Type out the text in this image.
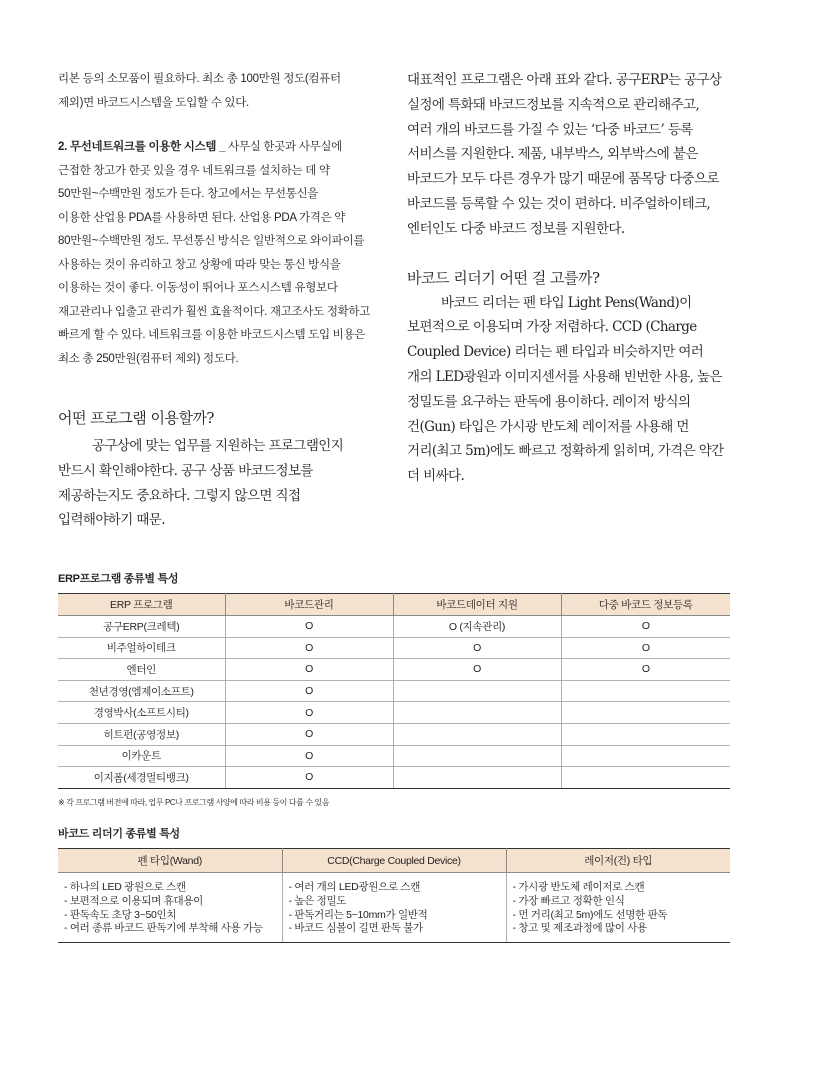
리본 등의 소모품이 필요하다. 최소 총 100만원 정도(컴퓨터
제외)면 바코드시스템을 도입할 수 있다.
2. 무선네트워크를 이용한 시스템 _ 사무실 한곳과 사무실에
근접한 창고가 한곳 있을 경우 네트워크를 설치하는 데 약
50만원~수백만원 정도가 든다. 창고에서는 무선통신을
이용한 산업용 PDA를 사용하면 된다. 산업용 PDA 가격은 약
80만원~수백만원 정도. 무선통신 방식은 일반적으로 와이파이를
사용하는 것이 유리하고 창고 상황에 따라 맞는 통신 방식을
이용하는 것이 좋다. 이동성이 뛰어나 포스시스템 유형보다
재고관리나 입출고 관리가 훨씬 효율적이다. 재고조사도 정확하고
빠르게 할 수 있다. 네트워크를 이용한 바코드시스템 도입 비용은
최소 총 250만원(컴퓨터 제외) 정도다.
어떤 프로그램 이용할까?
공구상에 맞는 업무를 지원하는 프로그램인지
반드시 확인해야한다. 공구 상품 바코드정보를
제공하는지도 중요하다. 그렇지 않으면 직접
입력해야하기 때문.
대표적인 프로그램은 아래 표와 같다. 공구ERP는 공구상
실정에 특화돼 바코드정보를 지속적으로 관리해주고,
여러 개의 바코드를 가질 수 있는 ‘다중 바코드’ 등록
서비스를 지원한다. 제품, 내부박스, 외부박스에 붙은
바코드가 모두 다른 경우가 많기 때문에 품목당 다중으로
바코드를 등록할 수 있는 것이 편하다. 비주얼하이테크,
엔터인도 다중 바코드 정보를 지원한다.
바코드 리더기 어떤 걸 고를까?
바코드 리더는 펜 타입 Light Pens(Wand)이
보편적으로 이용되며 가장 저렴하다. CCD (Charge
Coupled Device) 리더는 펜 타입과 비슷하지만 여러
개의 LED광원과 이미지센서를 사용해 빈번한 사용, 높은
정밀도를 요구하는 판독에 용이하다. 레이저 방식의
건(Gun) 타입은 가시광 반도체 레이저를 사용해 먼
거리(최고 5m)에도 빠르고 정확하게 읽히며, 가격은 약간
더 비싸다.
ERP프로그램 종류별 특성
ERP 프로그램	바코드관리	바코드데이터 지원	다중 바코드 정보등록
공구ERP(크레텍)	O	O (지속관리)	O
비주얼하이테크	O	O	O
엔터인	O	O	O
천년경영(엠제이소프트)	O		
경영박사(소프트시티)	O		
히트펀(공영정보)	O		
이카운트	O		
이지폼(세경멀티뱅크)	O		
※ 각 프로그램 버전에 따라, 업무 PC나 프로그램 사양에 따라 비용 등이 다를 수 있음
바코드 리더기 종류별 특성
펜 타입(Wand)	CCD(Charge Coupled Device)	레이저(건) 타입

- 하나의 LED 광원으로 스캔
- 보편적으로 이용되며 휴대용이
- 판독속도 초당 3~50인치
- 여러 종류 바코드 판독기에 부착해 사용 가능	- 여러 개의 LED광원으로 스캔
- 높은 정밀도
- 판독거리는 5~10mm가 일반적
- 바코드 심볼이 길면 판독 불가	- 가시광 반도체 레이저로 스캔
- 가장 빠르고 정확한 인식
- 먼 거리(최고 5m)에도 선명한 판독
- 창고 및 제조과정에 많이 사용
